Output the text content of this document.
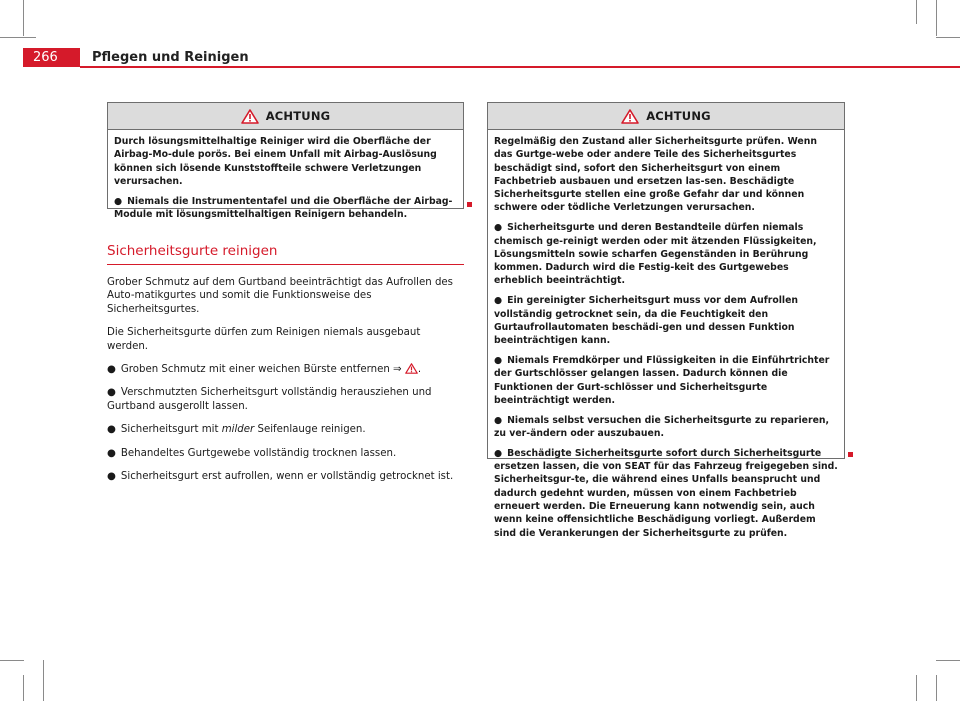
266	Pflegen und Reinigen
ACHTUNG

Durch lösungsmittelhaltige Reiniger wird die Oberfläche der Airbag-Mo-dule porös. Bei einem Unfall mit Airbag-Auslösung können sich lösende Kunststoffteile schwere Verletzungen verursachen.

● Niemals die Instrumententafel und die Oberfläche der Airbag-Module mit lösungsmittelhaltigen Reinigern behandeln.

Sicherheitsgurte reinigen

Grober Schmutz auf dem Gurtband beeinträchtigt das Aufrollen des Auto-matikgurtes und somit die Funktionsweise des Sicherheitsgurtes.

Die Sicherheitsgurte dürfen zum Reinigen niemals ausgebaut werden.

● Groben Schmutz mit einer weichen Bürste entfernen ⇒ .

● Verschmutzten Sicherheitsgurt vollständig herausziehen und Gurtband ausgerollt lassen.

● Sicherheitsgurt mit milder Seifenlauge reinigen.

● Behandeltes Gurtgewebe vollständig trocknen lassen.

● Sicherheitsgurt erst aufrollen, wenn er vollständig getrocknet ist.

ACHTUNG

Regelmäßig den Zustand aller Sicherheitsgurte prüfen. Wenn das Gurtge-webe oder andere Teile des Sicherheitsgurtes beschädigt sind, sofort den Sicherheitsgurt von einem Fachbetrieb ausbauen und ersetzen las-sen. Beschädigte Sicherheitsgurte stellen eine große Gefahr dar und können schwere oder tödliche Verletzungen verursachen.

● Sicherheitsgurte und deren Bestandteile dürfen niemals chemisch ge-reinigt werden oder mit ätzenden Flüssigkeiten, Lösungsmitteln sowie scharfen Gegenständen in Berührung kommen. Dadurch wird die Festig-keit des Gurtgewebes erheblich beeinträchtigt.

● Ein gereinigter Sicherheitsgurt muss vor dem Aufrollen vollständig getrocknet sein, da die Feuchtigkeit den Gurtaufrollautomaten beschädi-gen und dessen Funktion beeinträchtigen kann.

● Niemals Fremdkörper und Flüssigkeiten in die Einführtrichter der Gurtschlösser gelangen lassen. Dadurch können die Funktionen der Gurt-schlösser und Sicherheitsgurte beeinträchtigt werden.

● Niemals selbst versuchen die Sicherheitsgurte zu reparieren, zu ver-ändern oder auszubauen.

● Beschädigte Sicherheitsgurte sofort durch Sicherheitsgurte ersetzen lassen, die von SEAT für das Fahrzeug freigegeben sind. Sicherheitsgur-te, die während eines Unfalls beansprucht und dadurch gedehnt wurden, müssen von einem Fachbetrieb erneuert werden. Die Erneuerung kann notwendig sein, auch wenn keine offensichtliche Beschädigung vorliegt. Außerdem sind die Verankerungen der Sicherheitsgurte zu prüfen.
